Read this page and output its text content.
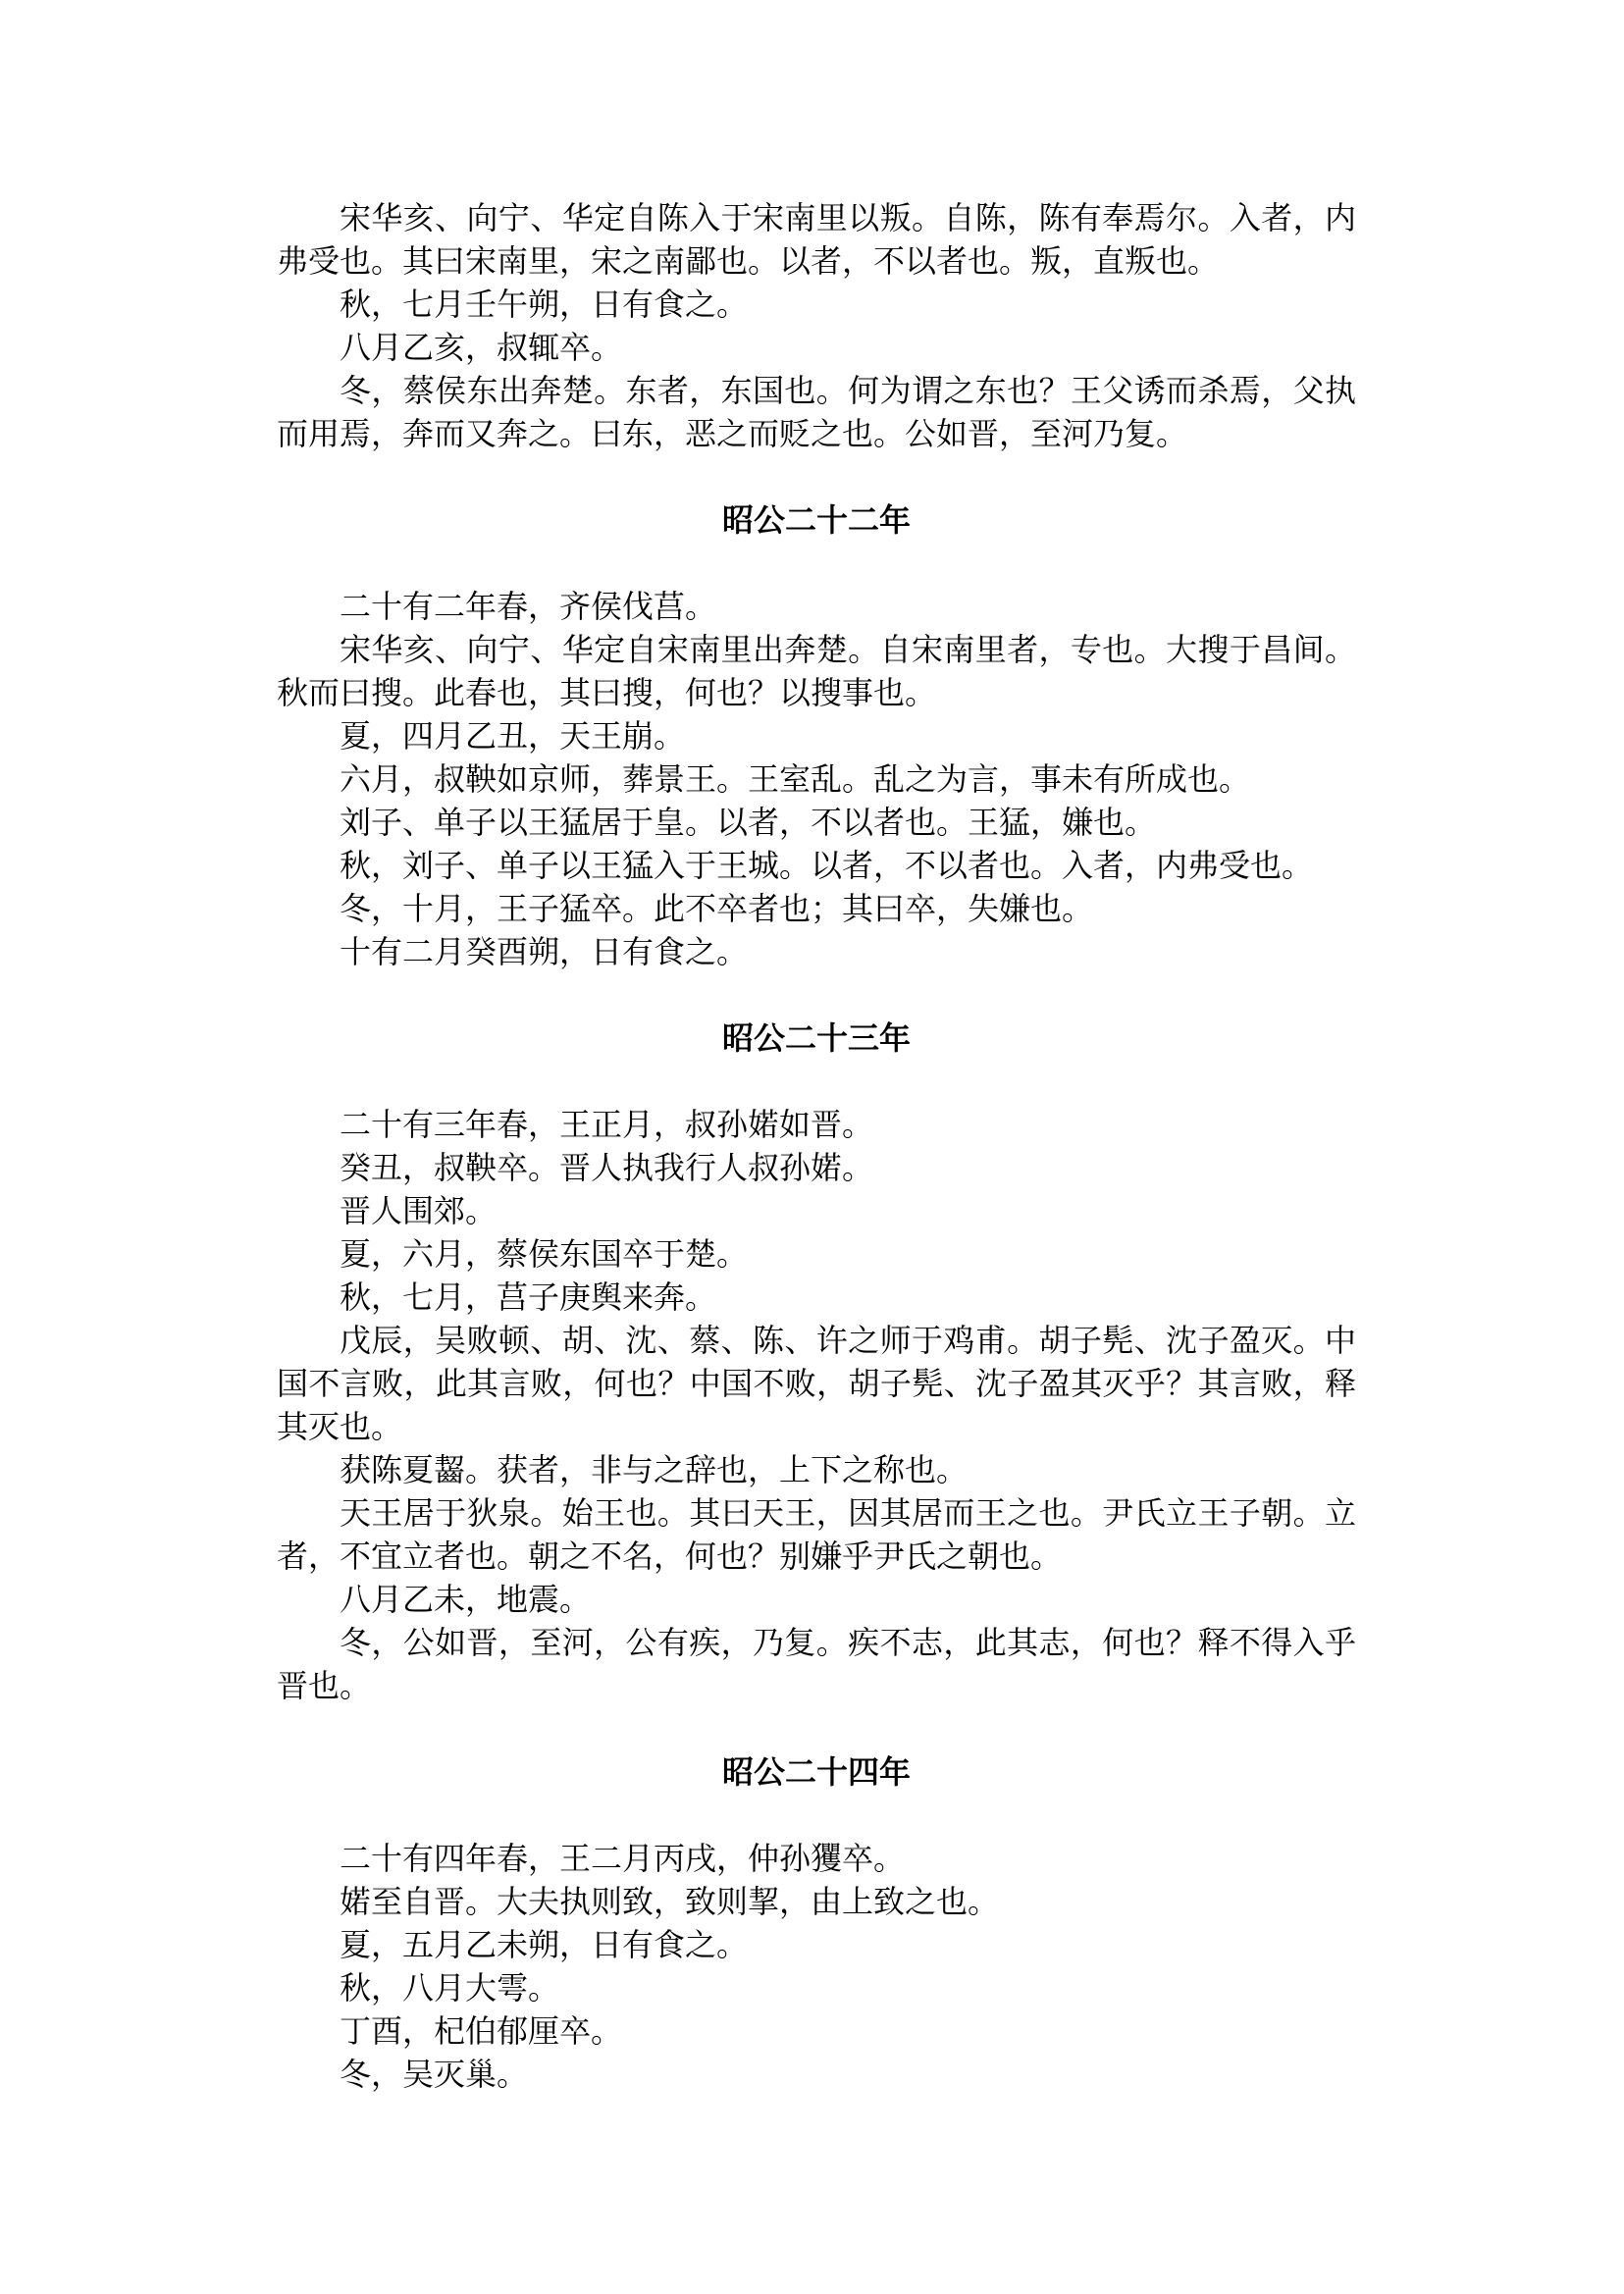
宋华亥、向宁、华定自陈入于宋南里以叛。自陈，陈有奉焉尔。入者，内弗受也。其曰宋南里，宋之南鄙也。以者，不以者也。叛，直叛也。

秋，七月壬午朔，日有食之。

八月乙亥，叔辄卒。

冬，蔡侯东出奔楚。东者，东国也。何为谓之东也？王父诱而杀焉，父执而用焉，奔而又奔之。曰东，恶之而贬之也。公如晋，至河乃复。

昭公二十二年

二十有二年春，齐侯伐莒。

宋华亥、向宁、华定自宋南里出奔楚。自宋南里者，专也。大搜于昌间。秋而曰搜。此春也，其曰搜，何也？以搜事也。

夏，四月乙丑，天王崩。

六月，叔鞅如京师，葬景王。王室乱。乱之为言，事未有所成也。

刘子、单子以王猛居于皇。以者，不以者也。王猛，嫌也。

秋，刘子、单子以王猛入于王城。以者，不以者也。入者，内弗受也。

冬，十月，王子猛卒。此不卒者也；其曰卒，失嫌也。

十有二月癸酉朔，日有食之。

昭公二十三年

二十有三年春，王正月，叔孙婼如晋。

癸丑，叔鞅卒。晋人执我行人叔孙婼。

晋人围郊。

夏，六月，蔡侯东国卒于楚。

秋，七月，莒子庚舆来奔。

戊辰，吴败顿、胡、沈、蔡、陈、许之师于鸡甫。胡子髡、沈子盈灭。中国不言败，此其言败，何也？中国不败，胡子髡、沈子盈其灭乎？其言败，释其灭也。

获陈夏齧。获者，非与之辞也，上下之称也。

天王居于狄泉。始王也。其曰天王，因其居而王之也。尹氏立王子朝。立者，不宜立者也。朝之不名，何也？别嫌乎尹氏之朝也。

八月乙未，地震。

冬，公如晋，至河，公有疾，乃复。疾不志，此其志，何也？释不得入乎晋也。

昭公二十四年

二十有四年春，王二月丙戌，仲孙玃卒。

婼至自晋。大夫执则致，致则挈，由上致之也。

夏，五月乙未朔，日有食之。

秋，八月大雩。

丁酉，杞伯郁厘卒。

冬，吴灭巢。
